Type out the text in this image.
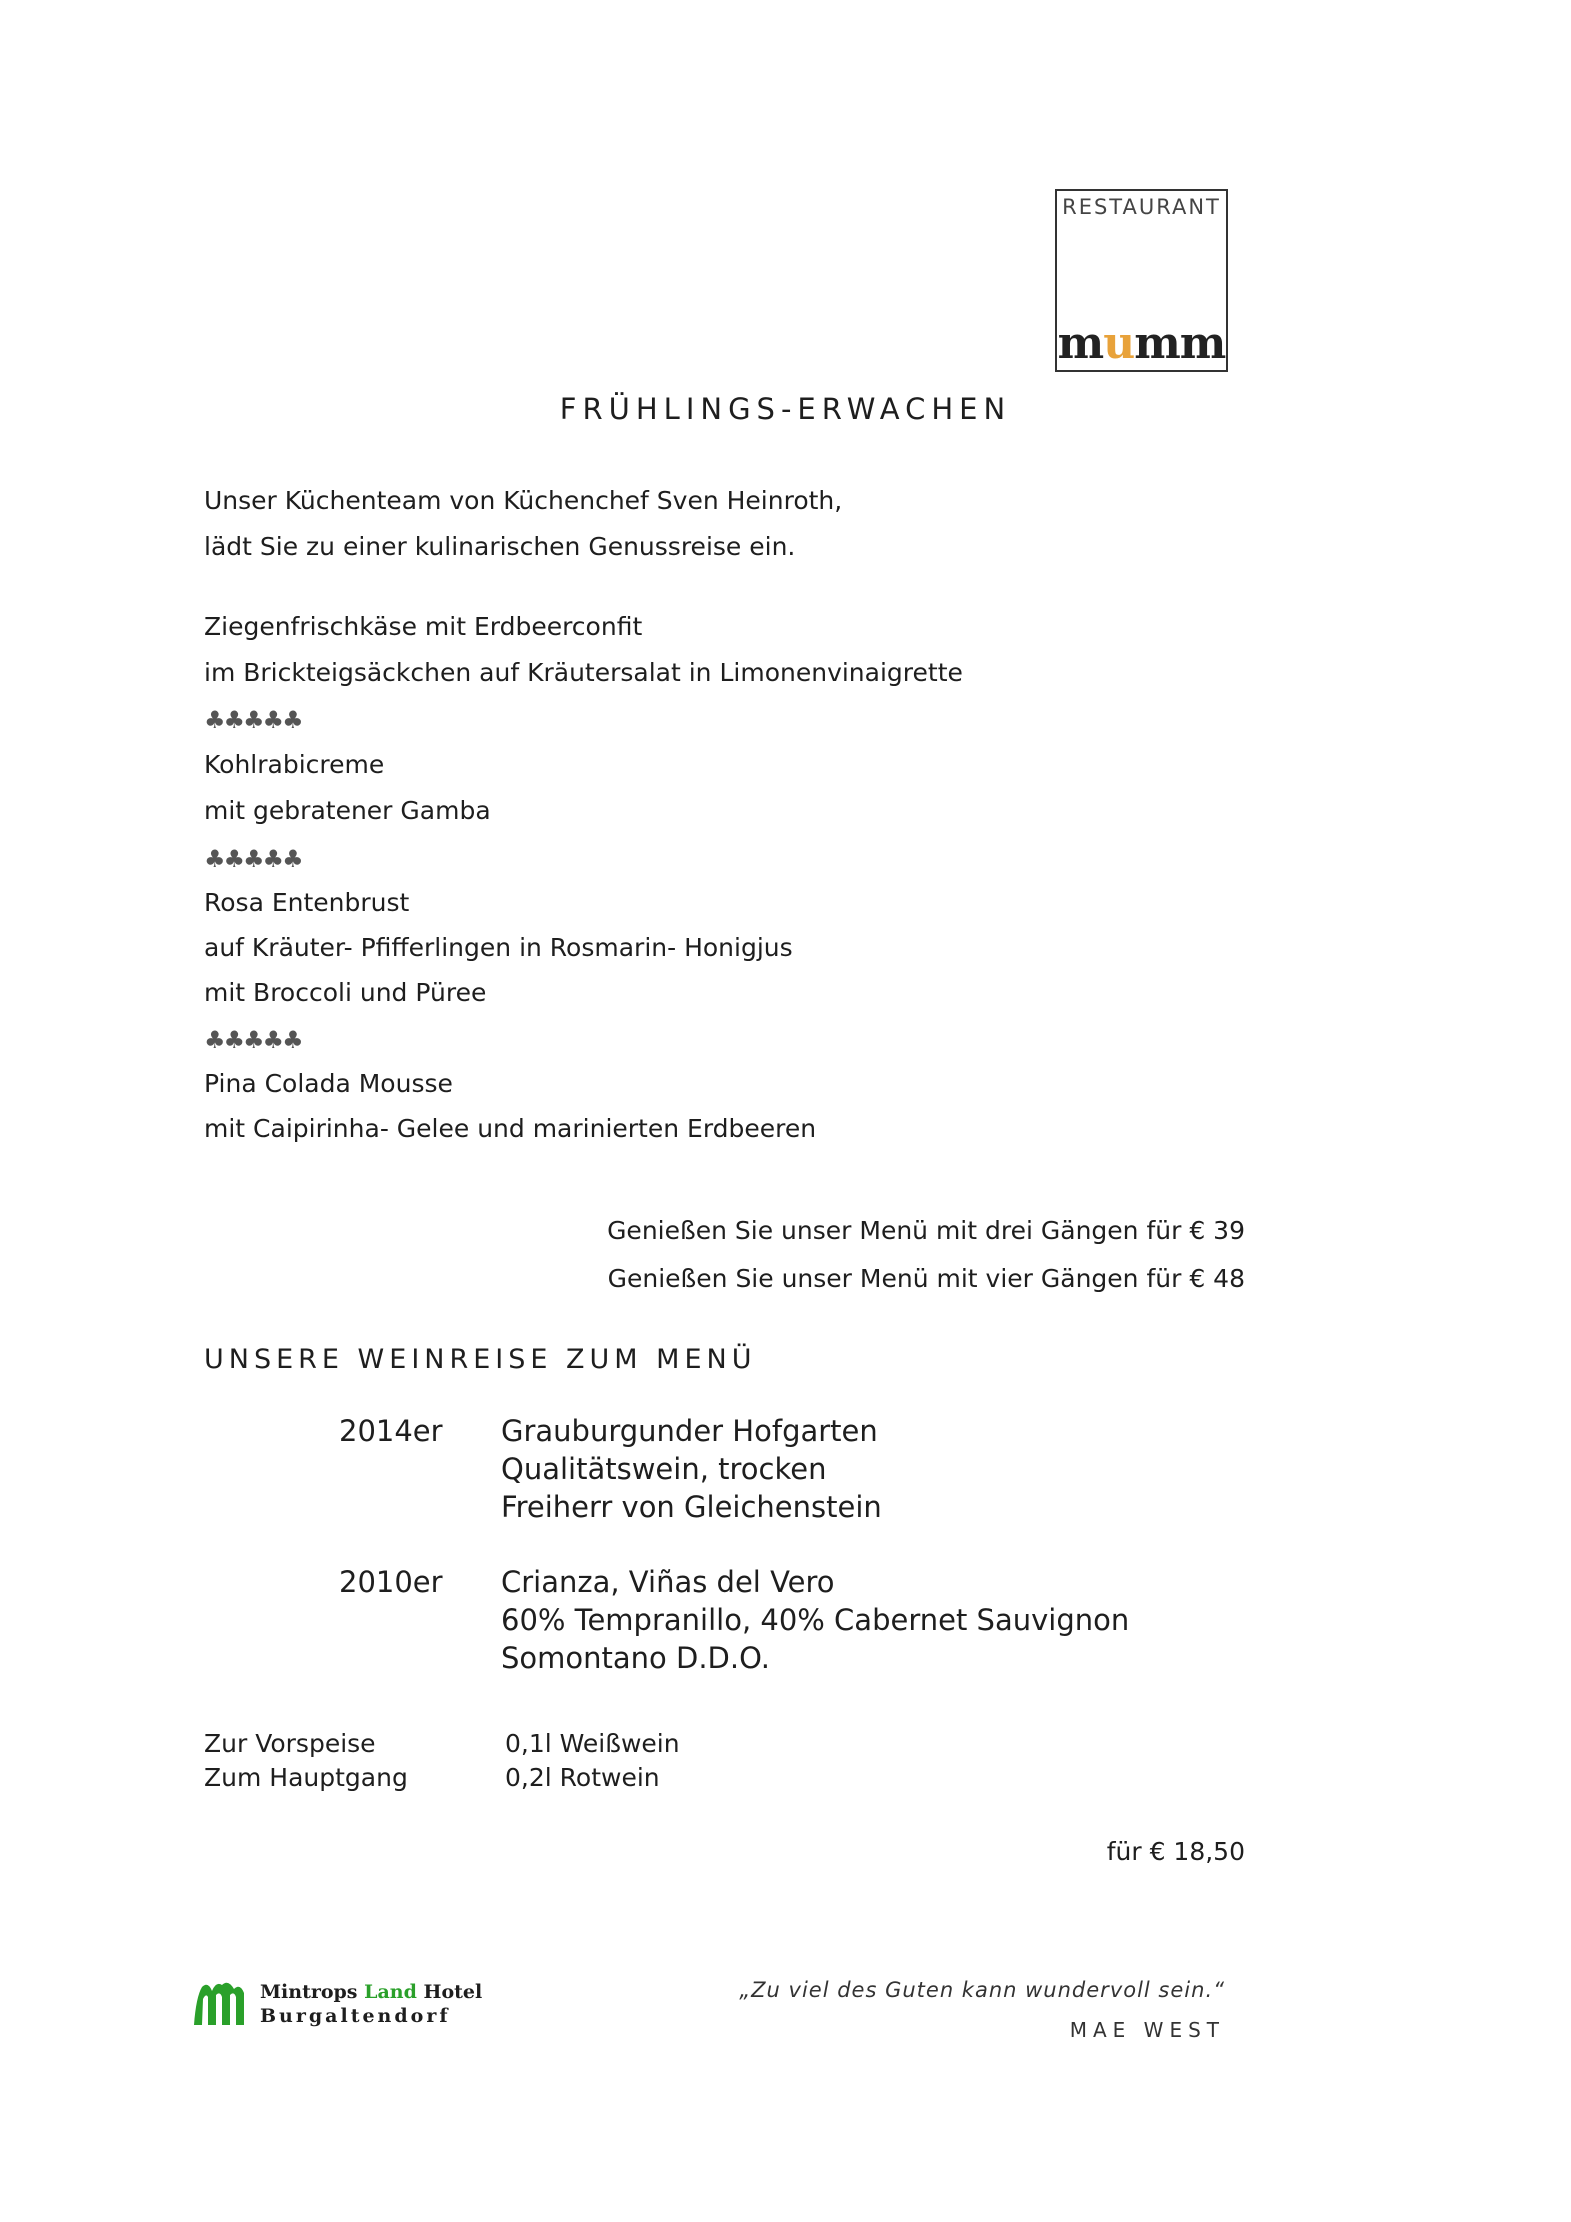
RESTAURANT
mumm
FRÜHLINGS-ERWACHEN
Unser Küchenteam von Küchenchef Sven Heinroth,
lädt Sie zu einer kulinarischen Genussreise ein.
Ziegenfrischkäse mit Erdbeerconfit
im Brickteigsäckchen auf Kräutersalat in Limonenvinaigrette
♣♣♣♣♣
Kohlrabicreme
mit gebratener Gamba
♣♣♣♣♣
Rosa Entenbrust
auf Kräuter- Pfifferlingen in Rosmarin- Honigjus
mit Broccoli und Püree
♣♣♣♣♣
Pina Colada Mousse
mit Caipirinha- Gelee und marinierten Erdbeeren
Genießen Sie unser Menü mit drei Gängen für € 39
Genießen Sie unser Menü mit vier Gängen für € 48
UNSERE WEINREISE ZUM MENÜ
2014er Grauburgunder Hofgarten
Qualitätswein, trocken
Freiherr von Gleichenstein
2010er Crianza, Viñas del Vero
60% Tempranillo, 40% Cabernet Sauvignon
Somontano D.D.O.
Zur Vorspeise	0,1l Weißwein
Zum Hauptgang	0,2l Rotwein
für € 18,50
Mintrops Land Hotel
Burgaltendorf
„Zu viel des Guten kann wundervoll sein.“
MAE WEST
